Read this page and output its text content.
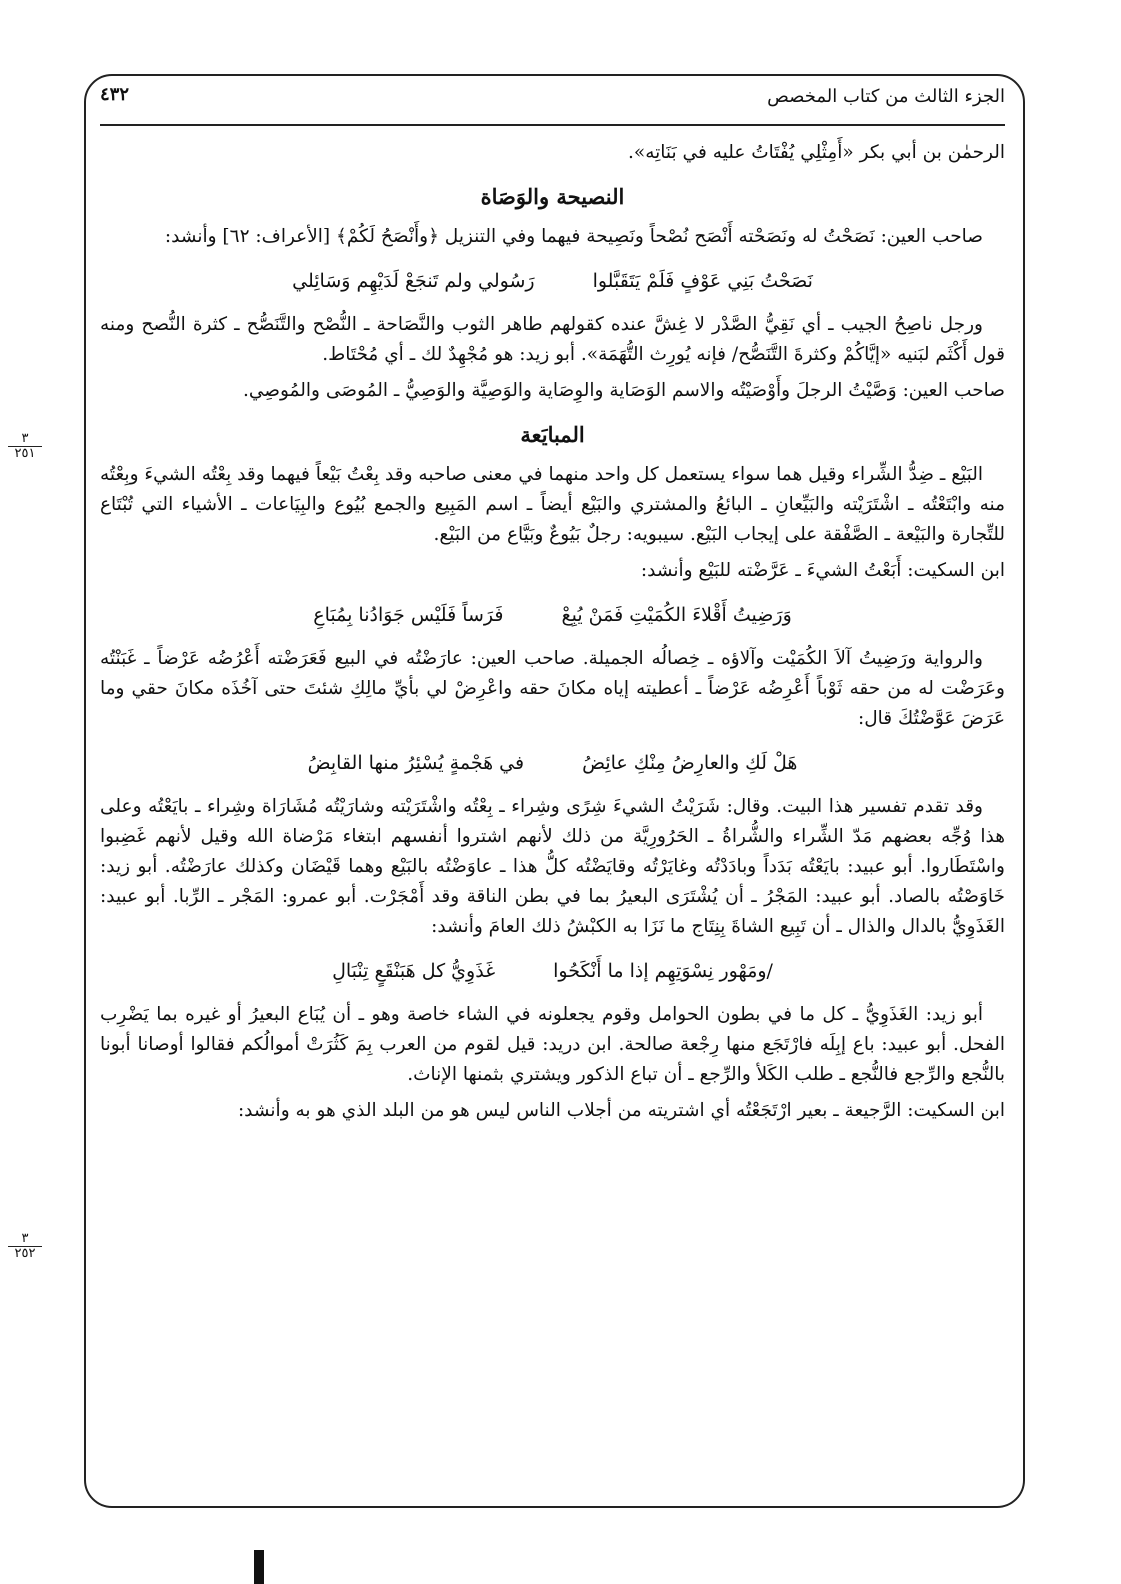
الجزء الثالث من كتاب المخصص
٤٣٢

الرحمٰن بن أبي بكر «أَمِثْلِي يُفْتَاتُ عليه في بَنَاتِه».

النصيحة والوَصَاة

صاحب العين: نَصَحْتُ له ونَصَحْته أَنْصَح نُصْحاً ونَصِيحة فيهما وفي التنزيل ﴿وأَنْصَحُ لَكُمْ﴾ [الأعراف: ٦٢] وأنشد:

نَصَحْتُ بَنِي عَوْفٍ فَلَمْ يَتَقَبَّلوا
رَسُولي ولم تَنجَعْ لَدَيْهِم وَسَائِلي

ورجل ناصِحُ الجيب ـ أي نَقِيُّ الصَّدْر لا غِشَّ عنده كقولهم طاهر الثوب والنَّصَاحة ـ النُّصْح والتَّنَصُّح ـ كثرة النُّصح ومنه قول أَكْثَم لبَنيه «إيَّاكُمْ وكثرةَ التَّنَصُّح/ فإنه يُورِث التُّهَمَة». أبو زيد: هو مُجْهِدٌ لك ـ أي مُحْتَاط.

صاحب العين: وَصَّيْتُ الرجلَ وأَوْصَيْتُه والاسم الوَصَاية والوِصَاية والوَصِيَّة والوَصِيُّ ـ المُوصَى والمُوصِي.

المبايَعة

البَيْع ـ ضِدُّ الشِّراء وقيل هما سواء يستعمل كل واحد منهما في معنى صاحبه وقد بِعْتُ بَيْعاً فيهما وقد بِعْتُه الشيءَ وبِعْتُه منه وابْتَعْتُه ـ اشْتَرَيْته والبَيِّعانِ ـ البائعُ والمشتري والبَيْع أيضاً ـ اسم المَبِيع والجمع بُيُوع والبِيَاعات ـ الأشياء التي تُبْتَاع للتِّجارة والبَيْعة ـ الصَّفْقة على إيجاب البَيْع. سيبويه: رجلٌ بَيُوعٌ وبَيَّاع من البَيْع.

ابن السكيت: أَبَعْتُ الشيءَ ـ عَرَّضْته للبَيْع وأنشد:

وَرَضِيتُ أَقْلاءَ الكُمَيْتِ فَمَنْ يُبِعْ
فَرَساً فَلَيْس جَوَادُنا بِمُبَاعِ

والرواية ورَضِيتُ آلاَ الكُمَيْت وآلاؤه ـ خِصالُه الجميلة. صاحب العين: عارَضْتُه في البيع فَعَرَضْته أَعْرُضُه عَرْضاً ـ غَبَنْتُه وعَرَضْت له من حقه ثَوْباً أَعْرِضُه عَرْضاً ـ أعطيته إياه مكانَ حقه واعْرِضْ لي بأيِّ مالِكِ شئتَ حتى آخُذَه مكانَ حقي وما عَرَضَ عَوَّضْتُكَ قال:

هَلْ لَكِ والعارِضُ مِنْكِ عائِضُ
في هَجْمةٍ يُسْئِرُ منها القابِضُ

وقد تقدم تفسير هذا البيت. وقال: شَرَيْتُ الشيءَ شِرًى وشِراء ـ بِعْتُه واشْتَرَيْته وشارَيْتُه مُشَارَاة وشِراء ـ بايَعْتُه وعلى هذا وُجِّه بعضهم مَدّ الشِّراء والشُّراةُ ـ الحَرُورِيَّة من ذلك لأنهم اشتروا أنفسهم ابتغاء مَرْضاة الله وقيل لأنهم غَضِبوا واسْتَطَاروا. أبو عبيد: بايَعْتُه بَدَداً وبادَدْتُه وغايَرْتُه وقايَضْتُه كلُّ هذا ـ عاوَضْتُه بالبَيْع وهما قَيْضَان وكذلك عارَضْتُه. أبو زيد: خَاوَصْتُه بالصاد. أبو عبيد: المَجْرُ ـ أن يُشْتَرَى البعيرُ بما في بطن الناقة وقد أَمْجَرْت. أبو عمرو: المَجْر ـ الرِّبا. أبو عبيد: الغَذَوِيُّ بالدال والذال ـ أن تَبِيع الشاةَ بِنِتَاج ما نَزَا به الكبْشُ ذلك العامَ وأنشد:

/ومَهْور نِسْوَتِهِم إذا ما أَنْكَحُوا
غَذَوِيُّ كل هَبَنْقَعٍ تِنْبَالِ

أبو زيد: الغَذَوِيُّ ـ كل ما في بطون الحوامل وقوم يجعلونه في الشاء خاصة وهو ـ أن يُبَاع البعيرُ أو غيره بما يَضْرِب الفحل. أبو عبيد: باع إبِلَه فارْتَجَع منها رِجْعة صالحة. ابن دريد: قيل لقوم من العرب بِمَ كَثُرَتْ أموالُكم فقالوا أوصانا أبونا بالنُّجع والرِّجع فالنُّجع ـ طلب الكَلأ والرِّجع ـ أن تباع الذكور ويشتري بثمنها الإناث.

ابن السكيت: الرَّجيعة ـ بعير ارْتَجَعْتُه أي اشتريته من أجلاب الناس ليس هو من البلد الذي هو به وأنشد:

٣
٢٥١
٣
٢٥٢
